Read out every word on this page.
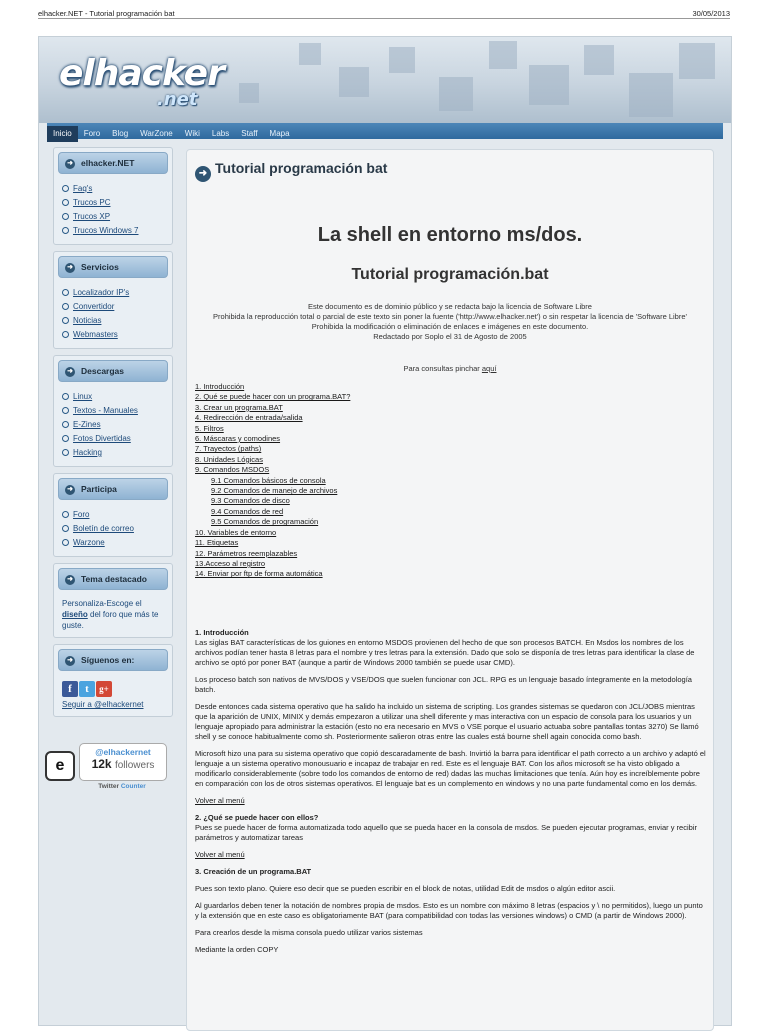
elhacker.NET - Tutorial programación bat	30/05/2013
elhacker
.net
Inicio Foro Blog WarZone Wiki Labs Staff Mapa
➜ elhacker.NET
Faq's
Trucos PC
Trucos XP
Trucos Windows 7
➜ Servicios
Localizador IP's
Convertidor
Noticias
Webmasters
➜ Descargas
Linux
Textos - Manuales
E-Zines
Fotos Divertidas
Hacking
➜ Participa
Foro
Boletín de correo
Warzone
➜ Tema destacado

Personaliza-Escoge el diseño del foro que más te guste.

➜ Síguenos en:
f t g+

Seguir a @elhackernet

e
@elhackernet
12k followers
Twitter Counter
➜ Tutorial programación bat
La shell en entorno ms/dos.
Tutorial programación.bat
Este documento es de dominio público y se redacta bajo la licencia de Software Libre
Prohibida la reproducción total o parcial de este texto sin poner la fuente ('http://www.elhacker.net') o sin respetar la licencia de 'Software Libre'
Prohibida la modificación o eliminación de enlaces e imágenes en este documento.
Redactado por Soplo el 31 de Agosto de 2005
Para consultas pinchar aquí
1. Introducción
2. Qué se puede hacer con un programa.BAT?
3. Crear un programa.BAT
4. Redirección de entrada/salida
5. Filtros
6. Máscaras y comodines
7. Trayectos (paths)
8. Unidades Lógicas
9. Comandos MSDOS
9.1 Comandos básicos de consola
9.2 Comandos de manejo de archivos
9.3 Comandos de disco
9.4 Comandos de red
9.5 Comandos de programación
10. Variables de entorno
11. Etiquetas
12. Parámetros reemplazables
13.Acceso al registro
14. Enviar por ftp de forma automática

1. Introducción

Las siglas BAT características de los guiones en entorno MSDOS provienen del hecho de que son procesos BATCH. En Msdos los nombres de los archivos podían tener hasta 8 letras para el nombre y tres letras para la extensión. Dado que solo se disponía de tres letras para identificar la clase de archivo se optó por poner BAT (aunque a partir de Windows 2000 también se puede usar CMD).

Los proceso batch son nativos de MVS/DOS y VSE/DOS que suelen funcionar con JCL. RPG es un lenguaje basado íntegramente en la metodología batch.

Desde entonces cada sistema operativo que ha salido ha incluido un sistema de scripting. Los grandes sistemas se quedaron con JCL/JOBS mientras que la aparición de UNIX, MINIX y demás empezaron a utilizar una shell diferente y mas interactiva con un espacio de consola para los usuarios y un lenguaje apropiado para administrar la estación (esto no era necesario en MVS o VSE porque el usuario actuaba sobre pantallas tontas 3270) Se llamó shell y se conoce habitualmente como sh. Posteriormente salieron otras entre las cuales está bourne shell again conocida como bash.

Microsoft hizo una para su sistema operativo que copió descaradamente de bash. Invirtió la barra para identificar el path correcto a un archivo y adaptó el lenguaje a un sistema operativo monousuario e incapaz de trabajar en red. Este es el lenguaje BAT. Con los años microsoft se ha visto obligado a modificarlo considerablemente (sobre todo los comandos de entorno de red) dadas las muchas limitaciones que tenía. Aún hoy es increíblemente pobre en comparación con los de otros sistemas operativos. El lenguaje bat es un complemento en windows y no una parte fundamental como en los demás.

Volver al menú

2. ¿Qué se puede hacer con ellos?

Pues se puede hacer de forma automatizada todo aquello que se pueda hacer en la consola de msdos. Se pueden ejecutar programas, enviar y recibir parámetros y automatizar tareas

Volver al menú

3. Creación de un programa.BAT

Pues son texto plano. Quiere eso decir que se pueden escribir en el block de notas, utilidad Edit de msdos o algún editor ascii.

Al guardarlos deben tener la notación de nombres propia de msdos. Esto es un nombre con máximo 8 letras (espacios y \ no permitidos), luego un punto y la extensión que en este caso es obligatoriamente BAT (para compatibilidad con todas las versiones windows) o CMD (a partir de Windows 2000).

Para crearlos desde la misma consola puedo utilizar varios sistemas

Mediante la orden COPY
